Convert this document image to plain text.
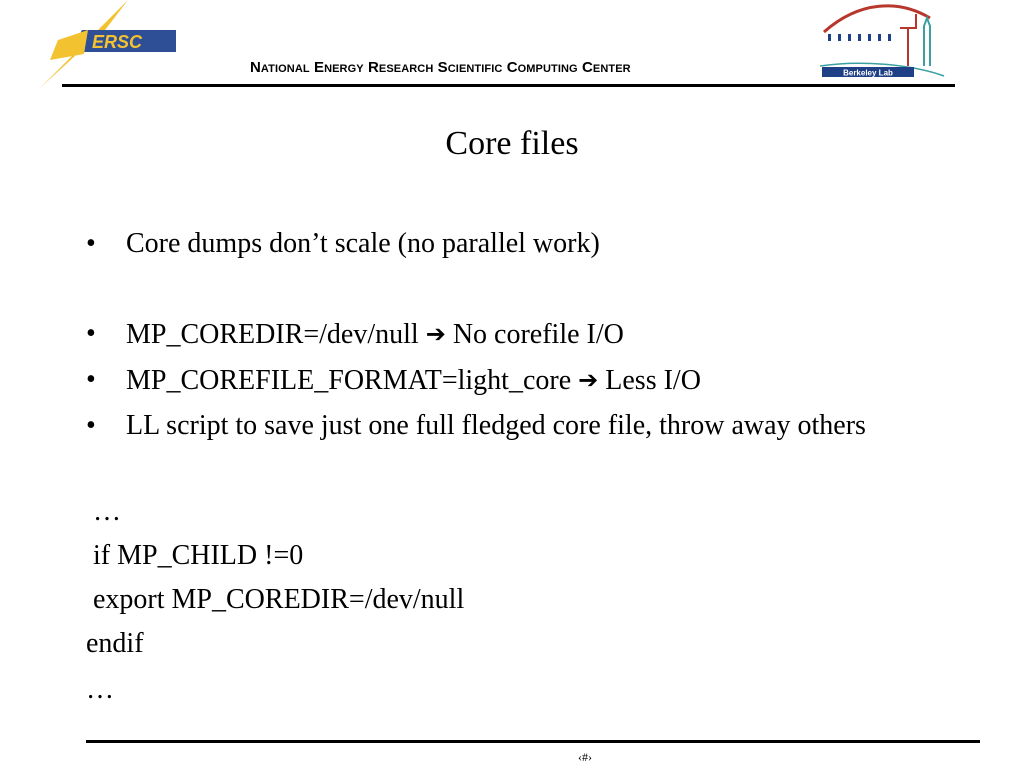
ERSC
National Energy Research Scientific Computing Center	Berkeley Lab
Core files
• Core dumps don’t scale (no parallel work)
• MP_COREDIR=/dev/null ➔ No corefile I/O
• MP_COREFILE_FORMAT=light_core ➔ Less I/O
• LL script to save just one full fledged core file, throw away others
…
if MP_CHILD !=0
export MP_COREDIR=/dev/null
endif
…
‹#›
